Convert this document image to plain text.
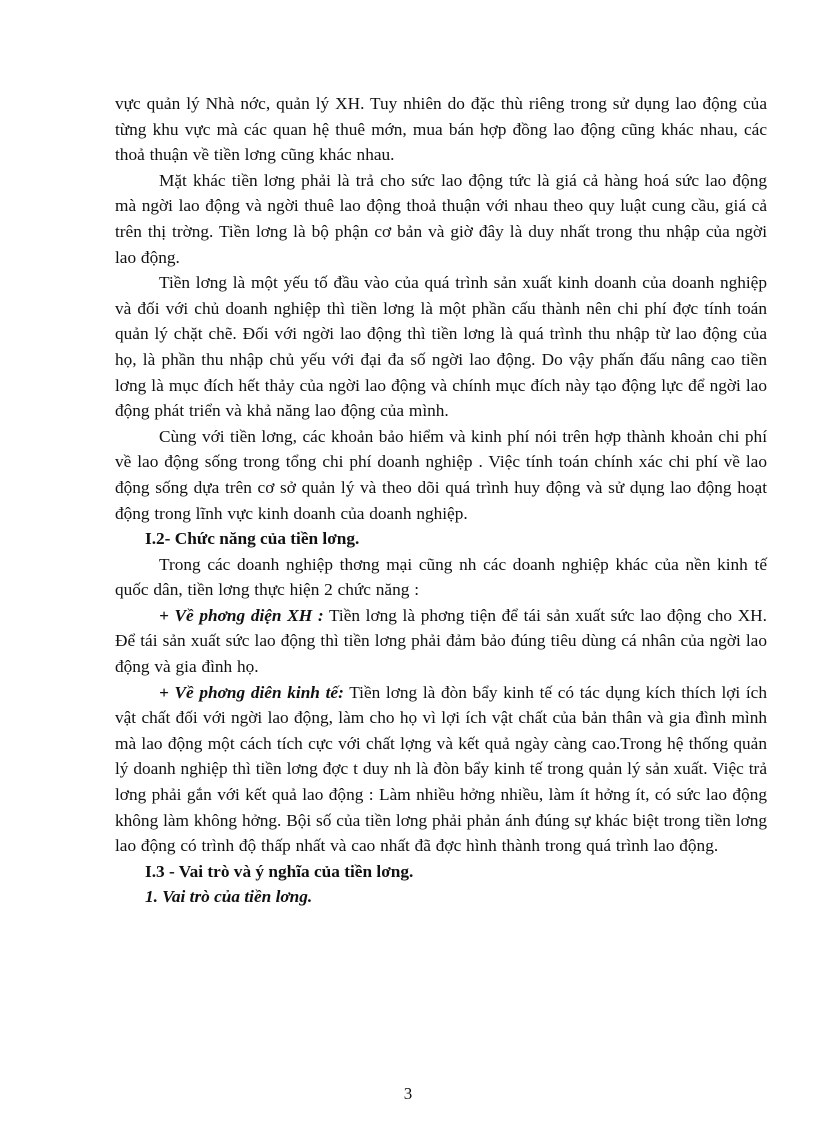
vực quản lý Nhà nớc, quản lý XH. Tuy nhiên do đặc thù riêng trong sử dụng lao động của từng khu vực mà các quan hệ thuê mớn, mua bán hợp đồng lao động cũng khác nhau, các thoả thuận về tiền lơng cũng khác nhau.

Mặt khác tiền lơng phải là trả cho sức lao động tức là giá cả hàng hoá sức lao động mà ngời lao động và ngời thuê lao động thoả thuận với nhau theo quy luật cung cầu, giá cả trên thị trờng. Tiền lơng là bộ phận cơ bản và giờ đây là duy nhất trong thu nhập của ngời lao động.

Tiền lơng là một yếu tố đầu vào của quá trình sản xuất kinh doanh của doanh nghiệp và đối với chủ doanh nghiệp thì tiền lơng là một phần cấu thành nên chi phí đợc tính toán quản lý chặt chẽ. Đối với ngời lao động thì tiền lơng là quá trình thu nhập từ lao động của họ, là phần thu nhập chủ yếu với đại đa số ngời lao động. Do vậy phấn đấu nâng cao tiền lơng là mục đích hết thảy của ngời lao động và chính mục đích này tạo động lực để ngời lao động phát triển và khả năng lao động của mình.

Cùng với tiền lơng, các khoản bảo hiểm và kinh phí nói trên hợp thành khoản chi phí về lao động sống trong tổng chi phí doanh nghiệp . Việc tính toán chính xác chi phí về lao động sống dựa trên cơ sở quản lý và theo dõi quá trình huy động và sử dụng lao động hoạt động trong lĩnh vực kinh doanh của doanh nghiệp.

I.2- Chức năng của tiền lơng.

Trong các doanh nghiệp thơng mại cũng nh các doanh nghiệp khác của nền kinh tế quốc dân, tiền lơng thực hiện 2 chức năng :

+ Về phơng diện XH : Tiền lơng là phơng tiện để tái sản xuất sức lao động cho XH. Để tái sản xuất sức lao động thì tiền lơng phải đảm bảo đúng tiêu dùng cá nhân của ngời lao động và gia đình họ.

+ Về phơng diên kinh tế: Tiền lơng là đòn bẩy kinh tế có tác dụng kích thích lợi ích vật chất đối với ngời lao động, làm cho họ vì lợi ích vật chất của bản thân và gia đình mình mà lao động một cách tích cực với chất lợng và kết quả ngày càng cao.Trong hệ thống quản lý doanh nghiệp thì tiền lơng đợc t duy nh là đòn bẩy kinh tế trong quản lý sản xuất. Việc trả lơng phải gắn với kết quả lao động : Làm nhiều hởng nhiều, làm ít hởng ít, có sức lao động không làm không hởng. Bội số của tiền lơng phải phản ánh đúng sự khác biệt trong tiền lơng lao động có trình độ thấp nhất và cao nhất đã đợc hình thành trong quá trình lao động.

I.3 - Vai trò và ý nghĩa của tiền lơng.
1. Vai trò của tiền lơng.
3
